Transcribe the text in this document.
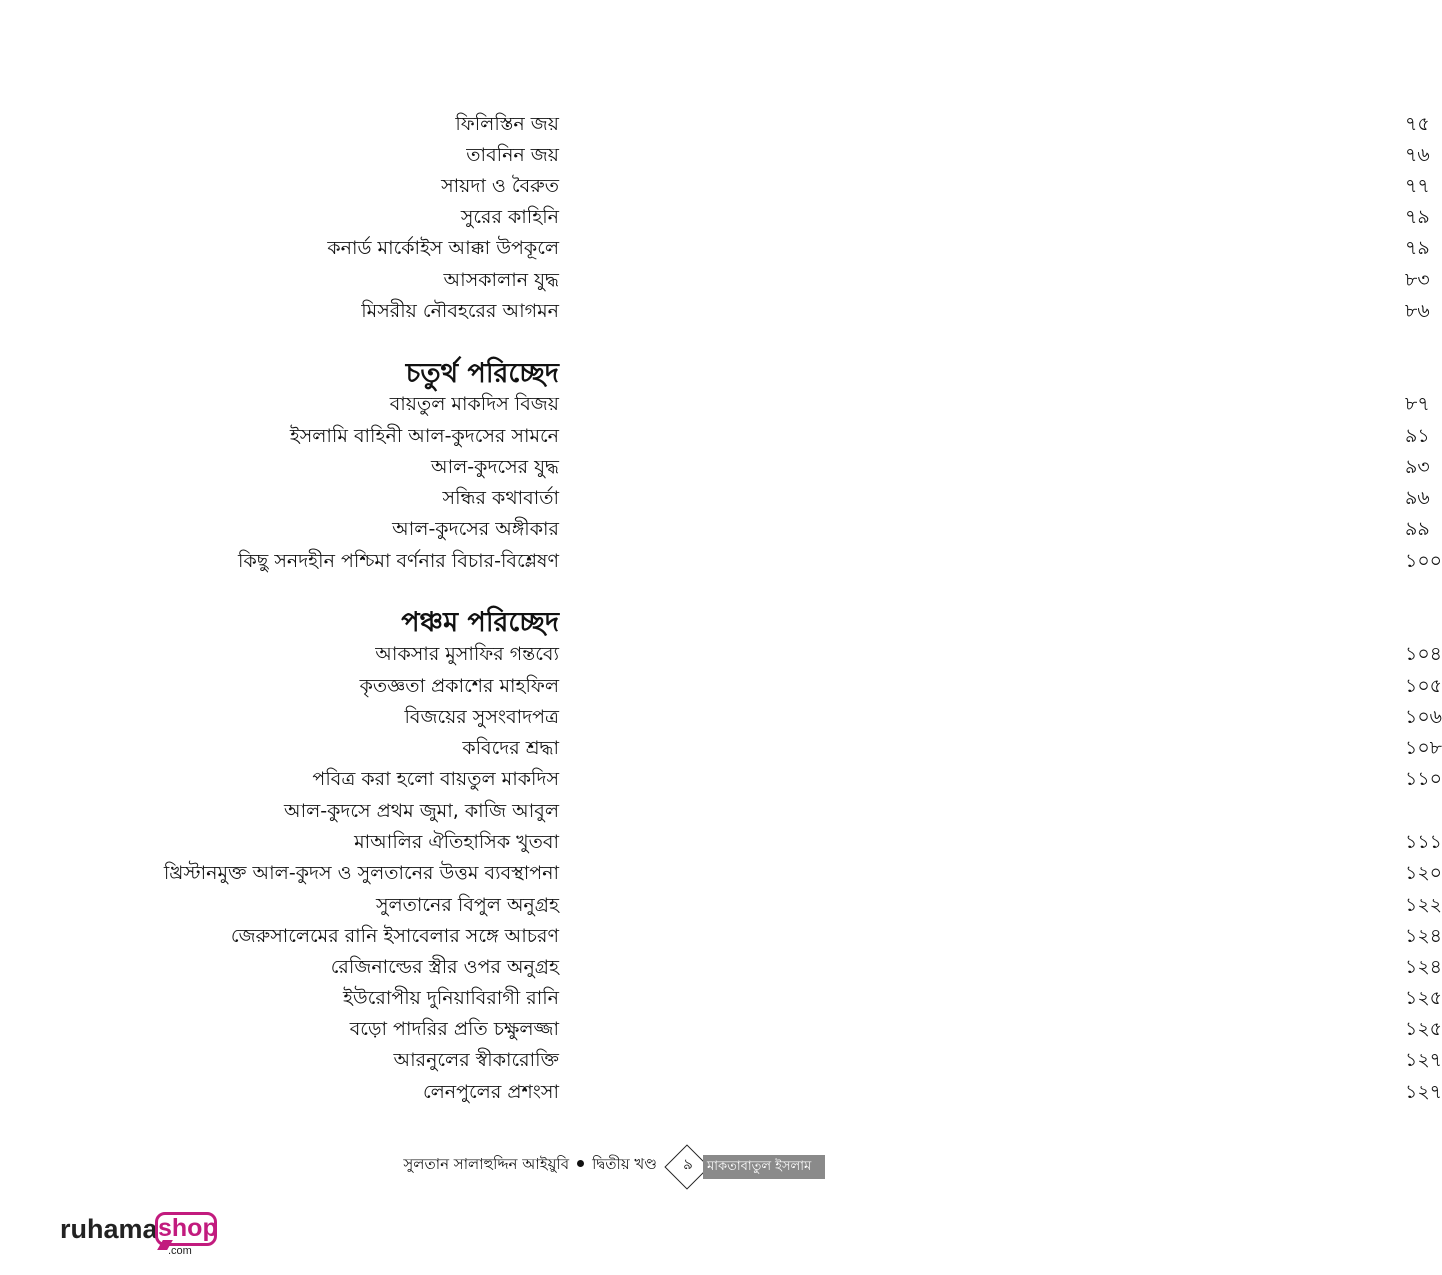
ফিলিস্তিন জয়	৭৫
তাবনিন জয়	৭৬
সায়দা ও বৈরুত	৭৭
সুরের কাহিনি	৭৯
কনার্ড মার্কোইস আক্কা উপকূলে	৭৯
আসকালান যুদ্ধ	৮৩
মিসরীয় নৌবহরের আগমন	৮৬
চতুর্থ পরিচ্ছেদ
বায়তুল মাকদিস বিজয়	৮৭
ইসলামি বাহিনী আল-কুদসের সামনে	৯১
আল-কুদসের যুদ্ধ	৯৩
সন্ধির কথাবার্তা	৯৬
আল-কুদসের অঙ্গীকার	৯৯
কিছু সনদহীন পশ্চিমা বর্ণনার বিচার-বিশ্লেষণ	১০০
পঞ্চম পরিচ্ছেদ
আকসার মুসাফির গন্তব্যে	১০৪
কৃতজ্ঞতা প্রকাশের মাহফিল	১০৫
বিজয়ের সুসংবাদপত্র	১০৬
কবিদের শ্রদ্ধা	১০৮
পবিত্র করা হলো বায়তুল মাকদিস	১১০
আল-কুদসে প্রথম জুমা, কাজি আবুল
মাআলির ঐতিহাসিক খুতবা	১১১
খ্রিস্টানমুক্ত আল-কুদস ও সুলতানের উত্তম ব্যবস্থাপনা	১২০
সুলতানের বিপুল অনুগ্রহ	১২২
জেরুসালেমের রানি ইসাবেলার সঙ্গে আচরণ	১২৪
রেজিনাল্ডের স্ত্রীর ওপর অনুগ্রহ	১২৪
ইউরোপীয় দুনিয়াবিরাগী রানি	১২৫
বড়ো পাদরির প্রতি চক্ষুলজ্জা	১২৫
আরনুলের স্বীকারোক্তি	১২৭
লেনপুলের প্রশংসা	১২৭
সুলতান সালাহুদ্দিন আইয়ুবি দ্বিতীয় খণ্ড	৯	মাকতাবাতুল ইসলাম
ruhama shop
.com
